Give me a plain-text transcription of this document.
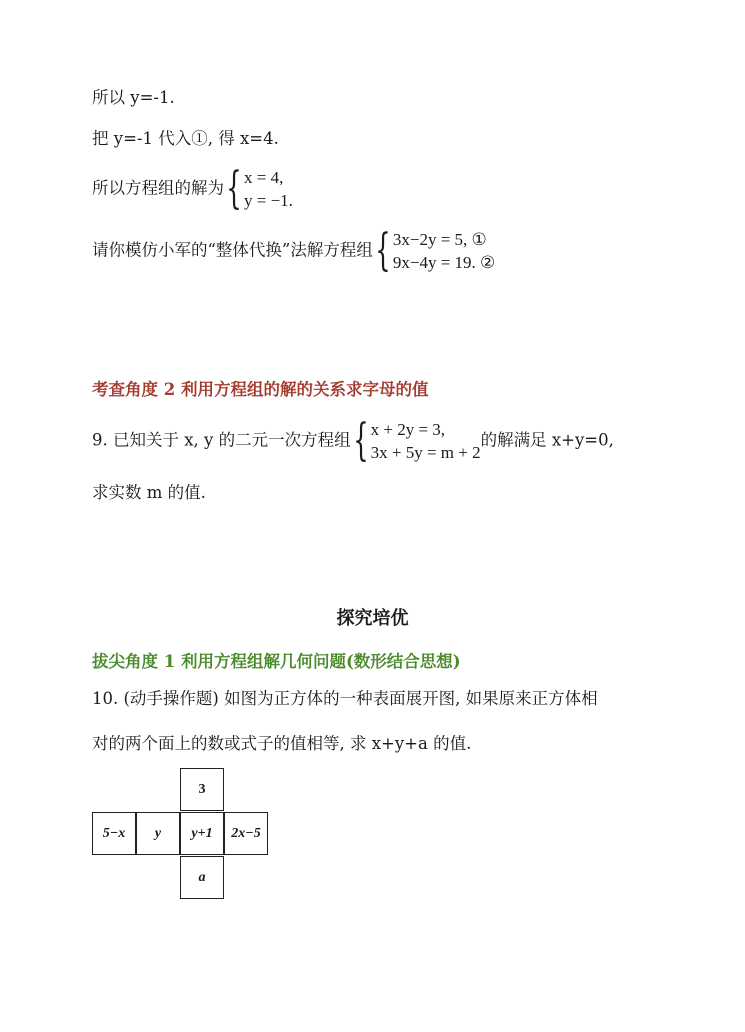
所以 y=-1.
把 y=-1 代入①, 得 x=4.
所以方程组的解为 { x = 4,
y = −1.
请你模仿小军的“整体代换”法解方程组 { 3x−2y = 5, ①
9x−4y = 19. ②
考查角度 2 利用方程组的解的关系求字母的值
9. 已知关于 x, y 的二元一次方程组 { x + 2y = 3,
3x + 5y = m + 2
的解满足 x+y=0,
求实数 m 的值.
探究培优
拔尖角度 1 利用方程组解几何问题(数形结合思想)
10. (动手操作题) 如图为正方体的一种表面展开图, 如果原来正方体相
对的两个面上的数或式子的值相等, 求 x+y+a 的值.
3
5−x	y	y+1	2x−5
a
